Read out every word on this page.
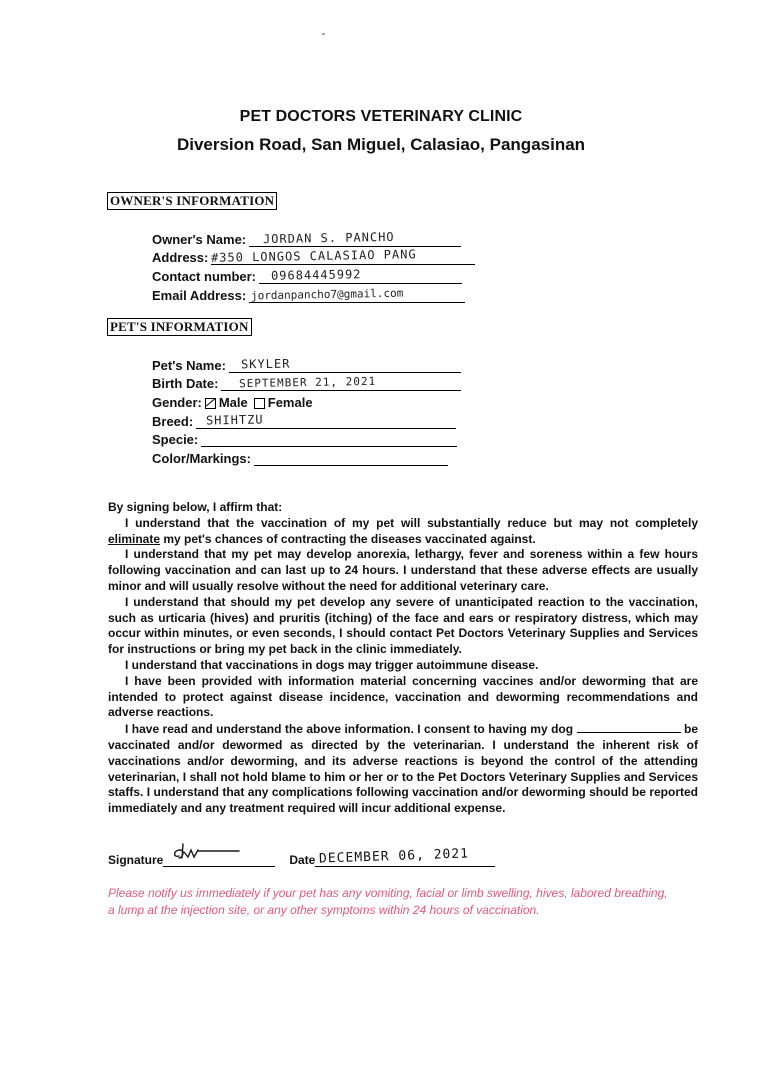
PET DOCTORS VETERINARY CLINIC
Diversion Road, San Miguel, Calasiao, Pangasinan
OWNER'S INFORMATION
Owner's Name: JORDAN S. PANCHO
Address: #350 LONGOS CALASIAO PANG
Contact number: 09684445992
Email Address: jordanpancho7@gmail.com
PET'S INFORMATION
Pet's Name: SKYLER
Birth Date: SEPTEMBER 21, 2021
Gender: Male Female
Breed: SHIHTZU
Specie:
Color/Markings:

By signing below, I affirm that:

I understand that the vaccination of my pet will substantially reduce but may not completely eliminate my pet's chances of contracting the diseases vaccinated against.

I understand that my pet may develop anorexia, lethargy, fever and soreness within a few hours following vaccination and can last up to 24 hours. I understand that these adverse effects are usually minor and will usually resolve without the need for additional veterinary care.

I understand that should my pet develop any severe of unanticipated reaction to the vaccination, such as urticaria (hives) and pruritis (itching) of the face and ears or respiratory distress, which may occur within minutes, or even seconds, I should contact Pet Doctors Veterinary Supplies and Services for instructions or bring my pet back in the clinic immediately.

I understand that vaccinations in dogs may trigger autoimmune disease.

I have been provided with information material concerning vaccines and/or deworming that are intended to protect against disease incidence, vaccination and deworming recommendations and adverse reactions.

I have read and understand the above information. I consent to having my dog	be vaccinated and/or dewormed as directed by the veterinarian. I understand the inherent risk of vaccinations and/or deworming, and its adverse reactions is beyond the control of the attending veterinarian, I shall not hold blame to him or her or to the Pet Doctors Veterinary Supplies and Services staffs. I understand that any complications following vaccination and/or deworming should be reported immediately and any treatment required will incur additional expense.

Signature	Date DECEMBER 06, 2021
Please notify us immediately if your pet has any vomiting, facial or limb swelling, hives, labored breathing, a lump at the injection site, or any other symptoms within 24 hours of vaccination.
